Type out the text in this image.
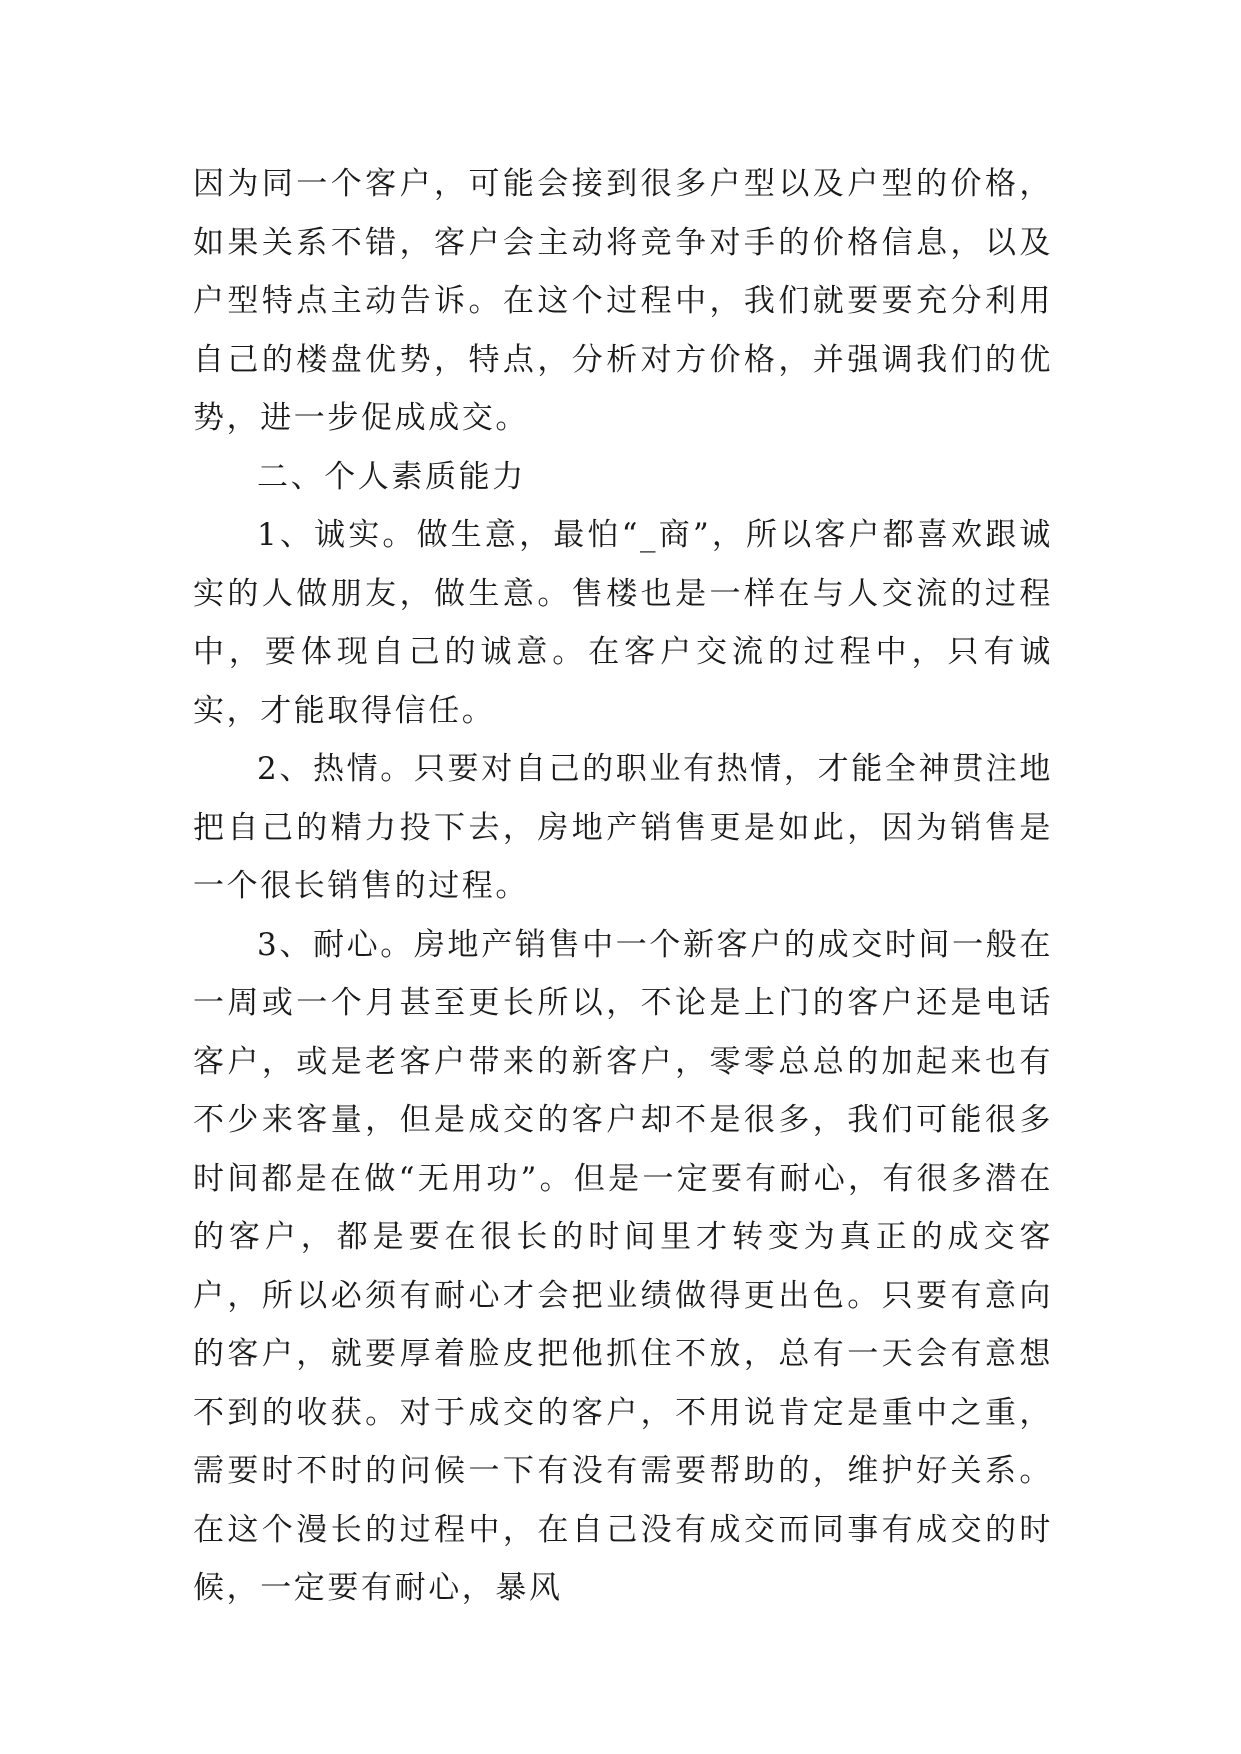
因为同一个客户，可能会接到很多户型以及户型的价格，如果关系不错，客户会主动将竞争对手的价格信息，以及户型特点主动告诉。在这个过程中，我们就要要充分利用自己的楼盘优势，特点，分析对方价格，并强调我们的优势，进一步促成成交。

二、个人素质能力

1、诚实。做生意，最怕“_商”，所以客户都喜欢跟诚实的人做朋友，做生意。售楼也是一样在与人交流的过程中，要体现自己的诚意。在客户交流的过程中，只有诚实，才能取得信任。

2、热情。只要对自己的职业有热情，才能全神贯注地把自己的精力投下去，房地产销售更是如此，因为销售是一个很长销售的过程。

3、耐心。房地产销售中一个新客户的成交时间一般在一周或一个月甚至更长所以，不论是上门的客户还是电话客户，或是老客户带来的新客户，零零总总的加起来也有不少来客量，但是成交的客户却不是很多，我们可能很多时间都是在做“无用功”。但是一定要有耐心，有很多潜在的客户，都是要在很长的时间里才转变为真正的成交客户，所以必须有耐心才会把业绩做得更出色。只要有意向的客户，就要厚着脸皮把他抓住不放，总有一天会有意想不到的收获。对于成交的客户，不用说肯定是重中之重，需要时不时的问候一下有没有需要帮助的，维护好关系。在这个漫长的过程中，在自己没有成交而同事有成交的时候，一定要有耐心，暴风
